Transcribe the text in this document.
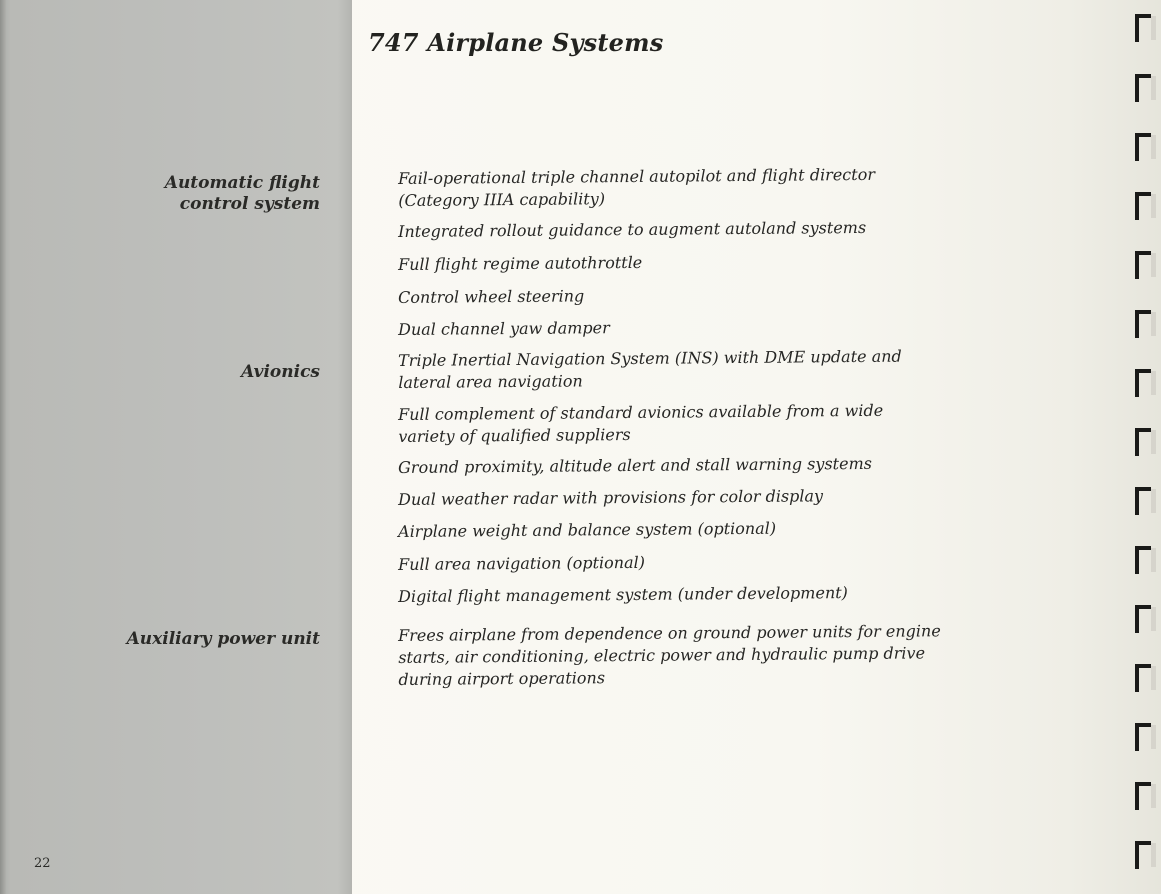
747 Airplane Systems
Automatic flight
control system
Avionics
Auxiliary power unit
Fail-operational triple channel autopilot and flight director
(Category IIIA capability)
Integrated rollout guidance to augment autoland systems
Full flight regime autothrottle
Control wheel steering
Dual channel yaw damper
Triple Inertial Navigation System (INS) with DME update and
lateral area navigation
Full complement of standard avionics available from a wide
variety of qualified suppliers
Ground proximity, altitude alert and stall warning systems
Dual weather radar with provisions for color display
Airplane weight and balance system (optional)
Full area navigation (optional)
Digital flight management system (under development)
Frees airplane from dependence on ground power units for engine
starts, air conditioning, electric power and hydraulic pump drive
during airport operations
22
